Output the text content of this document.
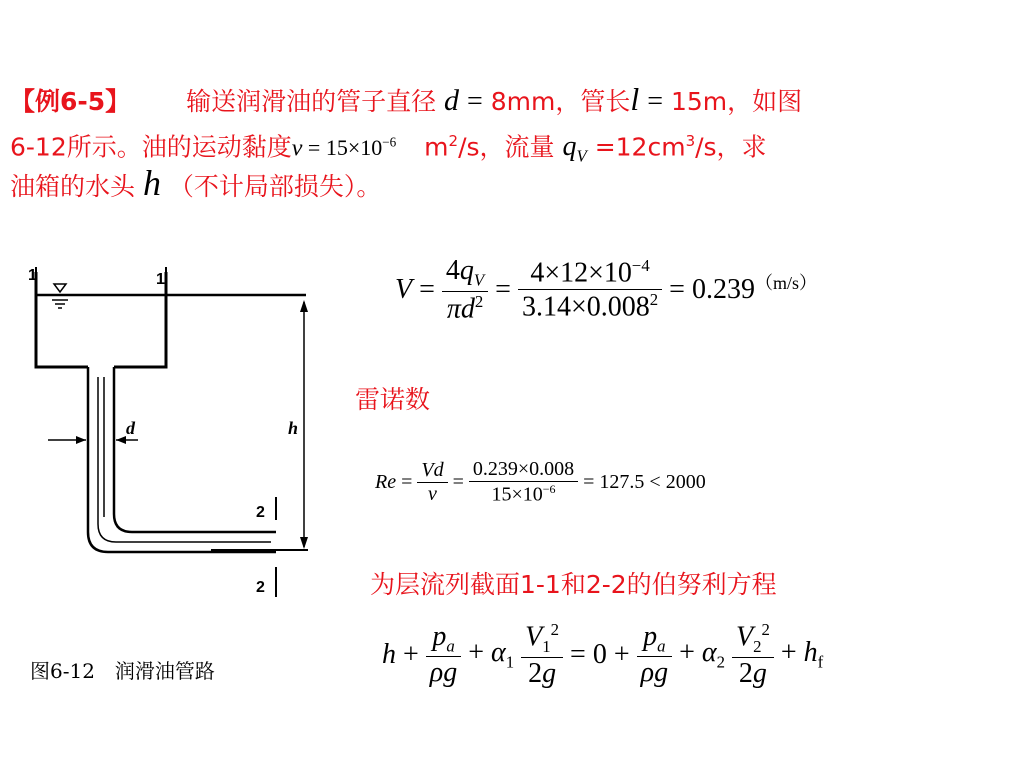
【例6-5】 输送润滑油的管子直径 d = 8mm，管长l = 15m，如图
6-12所示。油的运动黏度$\nu = 15\times 10^{-6}$ $m^2/s$，流量 $q_V =12cm^3/s$，求
油箱的水头 h （不计局部损失）。
1	1
2
2
d	h
图6-12　润滑油管路
$V = \frac{4q_V}{\pi d^2} = \frac{4\times 12\times 10^{-4}}{3.14\times 0.008^2} = 0.239^{(m/s)}$
雷诺数
$Re = \frac{Vd}{\nu} = \frac{0.239\times 0.008}{15\times 10^{-6}} = 127.5 < 2000$
为层流列截面1-1和2-2的伯努利方程
$h + \frac{p_a}{\rho g} + \alpha_1 \frac{V_1^2}{2g} = 0 + \frac{p_a}{\rho g} + \alpha_2 \frac{V_2^2}{2g} + h_f$
